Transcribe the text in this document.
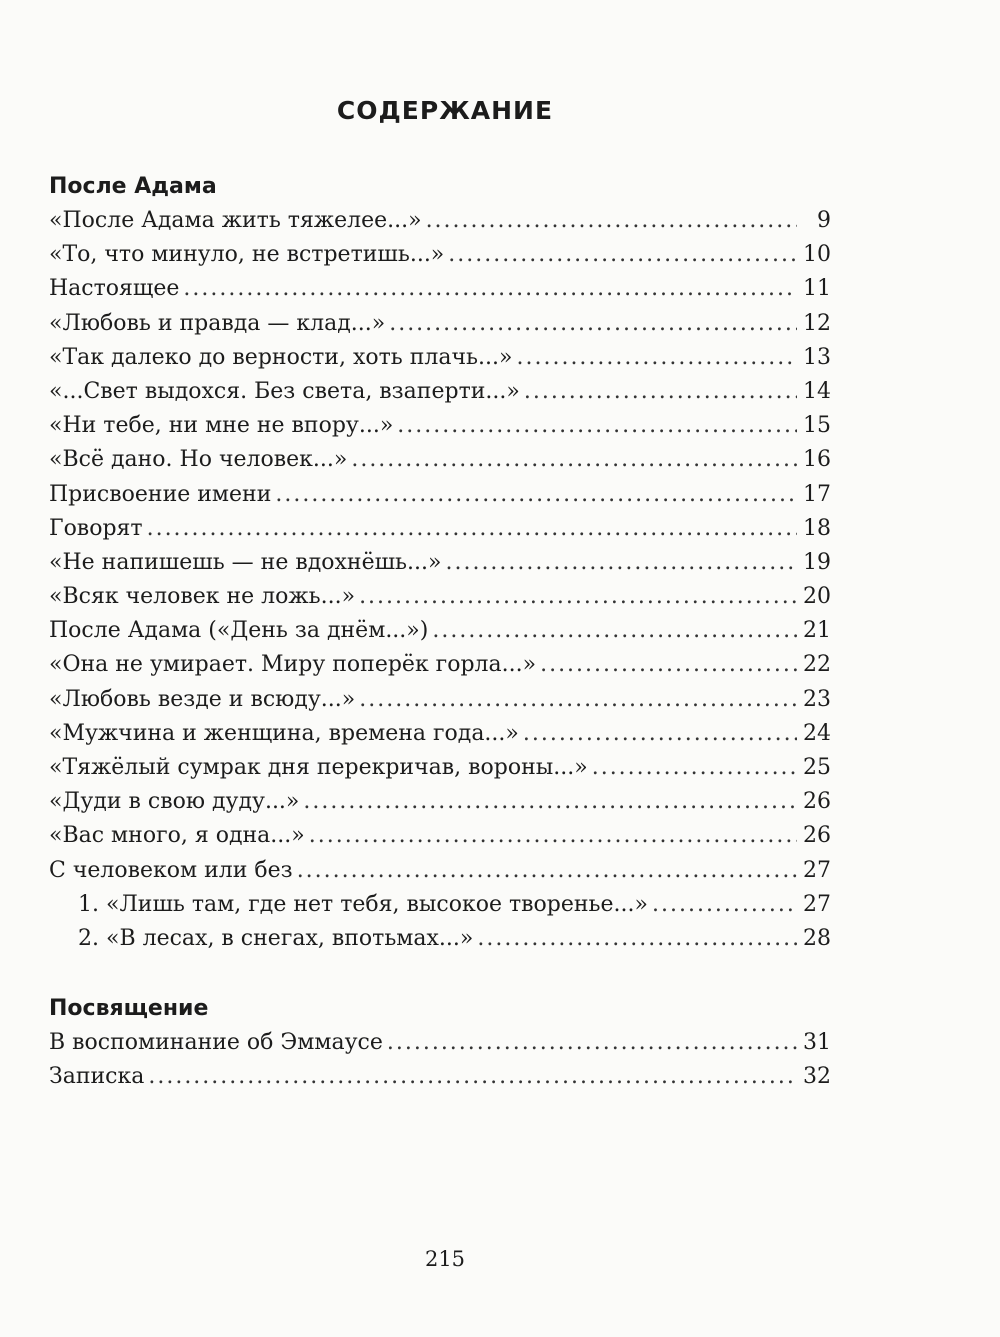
СОДЕРЖАНИЕ
После Адама
«После Адама жить тяжелее...» .....	9
«То, что минуло, не встретишь...» .....	10
Настоящее .....	11
«Любовь и правда — клад...» .....	12
«Так далеко до верности, хоть плачь...» .....	13
«...Свет выдохся. Без света, взаперти...» .....	14
«Ни тебе, ни мне не впору...» .....	15
«Всё дано. Но человек...» .....	16
Присвоение имени .....	17
Говорят .....	18
«Не напишешь — не вдохнёшь...» .....	19
«Всяк человек не ложь...» .....	20
После Адама («День за днём...») .....	21
«Она не умирает. Миру поперёк горла...» .....	22
«Любовь везде и всюду...» .....	23
«Мужчина и женщина, времена года...» .....	24
«Тяжёлый сумрак дня перекричав, вороны...» .....	25
«Дуди в свою дуду...» .....	26
«Вас много, я одна...» .....	26
С человеком или без .....	27
1. «Лишь там, где нет тебя, высокое творенье...» .....	27
2. «В лесах, в снегах, впотьмах...» .....	28
Посвящение
В воспоминание об Эммаусе .....	31
Записка .....	32
215
